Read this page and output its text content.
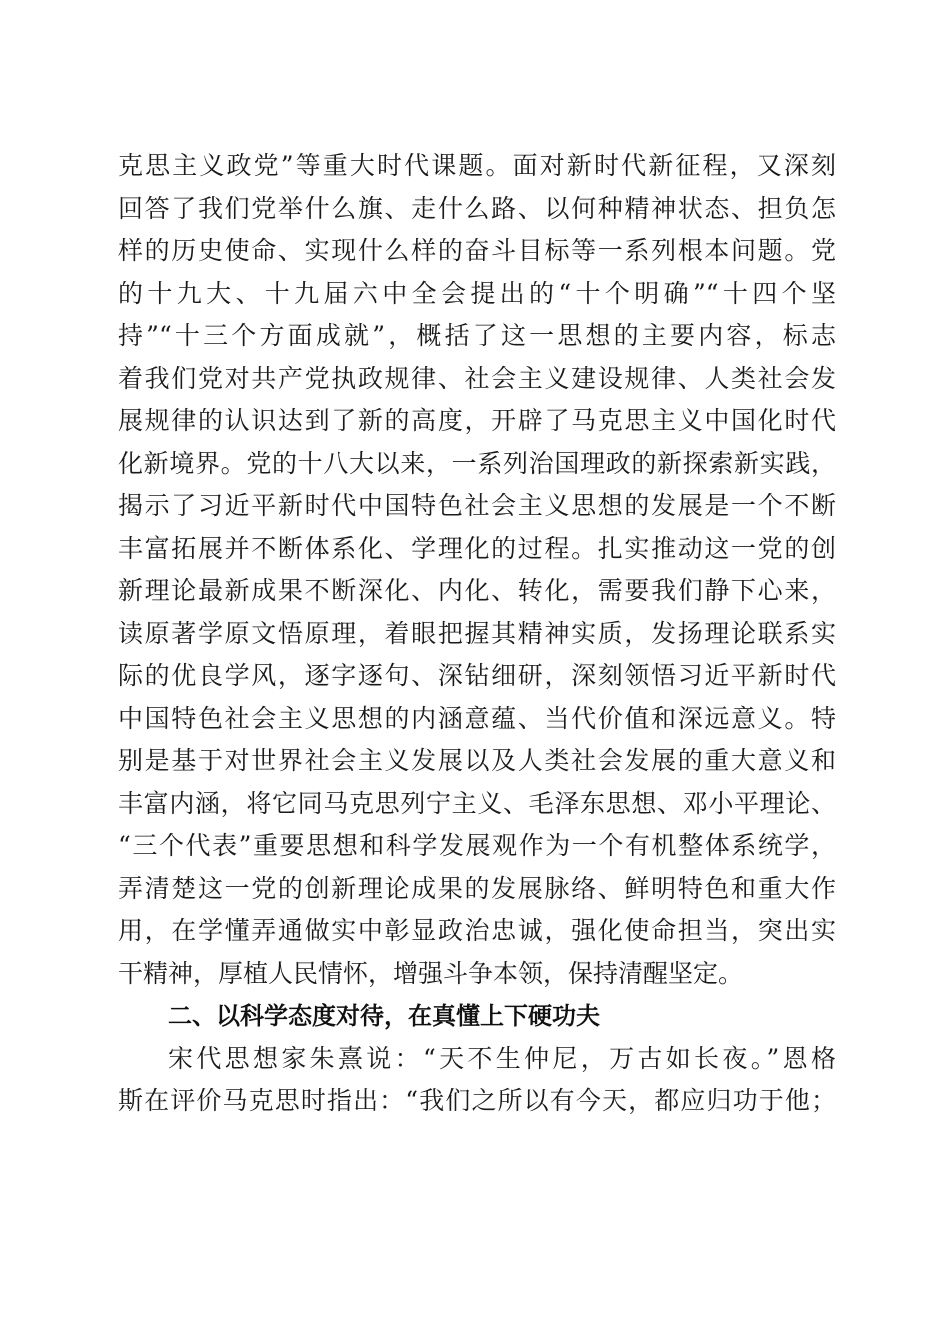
克思主义政党”等重大时代课题。面对新时代新征程，又深刻
回答了我们党举什么旗、走什么路、以何种精神状态、担负怎
样的历史使命、实现什么样的奋斗目标等一系列根本问题。党
的十九大、十九届六中全会提出的“十个明确”“十四个坚
持”“十三个方面成就”，概括了这一思想的主要内容，标志
着我们党对共产党执政规律、社会主义建设规律、人类社会发
展规律的认识达到了新的高度，开辟了马克思主义中国化时代
化新境界。党的十八大以来，一系列治国理政的新探索新实践，
揭示了习近平新时代中国特色社会主义思想的发展是一个不断
丰富拓展并不断体系化、学理化的过程。扎实推动这一党的创
新理论最新成果不断深化、内化、转化，需要我们静下心来，
读原著学原文悟原理，着眼把握其精神实质，发扬理论联系实
际的优良学风，逐字逐句、深钻细研，深刻领悟习近平新时代
中国特色社会主义思想的内涵意蕴、当代价值和深远意义。特
别是基于对世界社会主义发展以及人类社会发展的重大意义和
丰富内涵，将它同马克思列宁主义、毛泽东思想、邓小平理论、
“三个代表”重要思想和科学发展观作为一个有机整体系统学，
弄清楚这一党的创新理论成果的发展脉络、鲜明特色和重大作
用，在学懂弄通做实中彰显政治忠诚，强化使命担当，突出实
干精神，厚植人民情怀，增强斗争本领，保持清醒坚定。
二、以科学态度对待，在真懂上下硬功夫
宋代思想家朱熹说：“天不生仲尼，万古如长夜。”恩格
斯在评价马克思时指出：“我们之所以有今天，都应归功于他；
